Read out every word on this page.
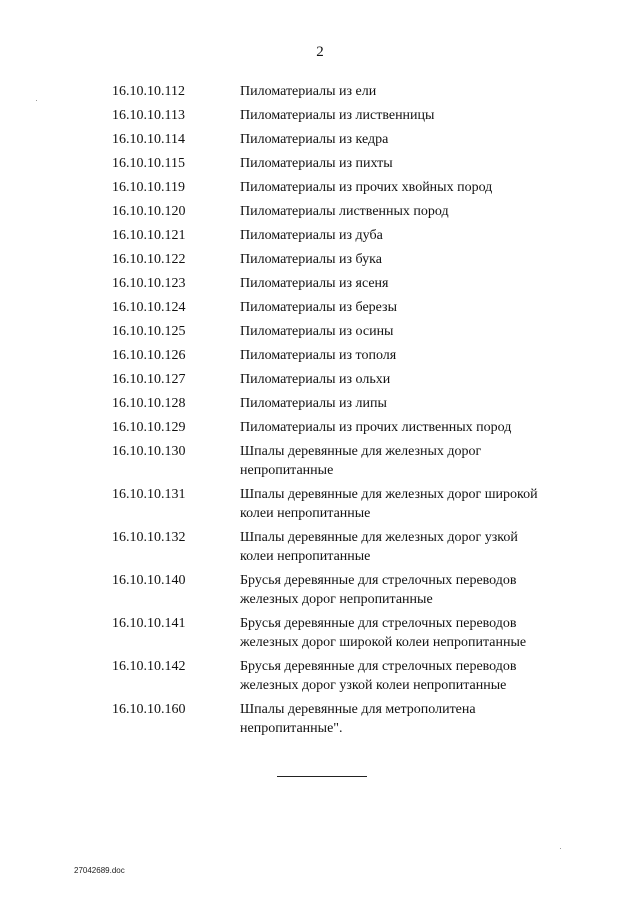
2
16.10.10.112	Пиломатериалы из ели
16.10.10.113	Пиломатериалы из лиственницы
16.10.10.114	Пиломатериалы из кедра
16.10.10.115	Пиломатериалы из пихты
16.10.10.119	Пиломатериалы из прочих хвойных пород
16.10.10.120	Пиломатериалы лиственных пород
16.10.10.121	Пиломатериалы из дуба
16.10.10.122	Пиломатериалы из бука
16.10.10.123	Пиломатериалы из ясеня
16.10.10.124	Пиломатериалы из березы
16.10.10.125	Пиломатериалы из осины
16.10.10.126	Пиломатериалы из тополя
16.10.10.127	Пиломатериалы из ольхи
16.10.10.128	Пиломатериалы из липы
16.10.10.129	Пиломатериалы из прочих лиственных пород
16.10.10.130	Шпалы деревянные для железных дорог
непропитанные
16.10.10.131	Шпалы деревянные для железных дорог широкой
колеи непропитанные
16.10.10.132	Шпалы деревянные для железных дорог узкой
колеи непропитанные
16.10.10.140	Брусья деревянные для стрелочных переводов
железных дорог непропитанные
16.10.10.141	Брусья деревянные для стрелочных переводов
железных дорог широкой колеи непропитанные
16.10.10.142	Брусья деревянные для стрелочных переводов
железных дорог узкой колеи непропитанные
16.10.10.160	Шпалы деревянные для метрополитена
непропитанные".
27042689.doc
